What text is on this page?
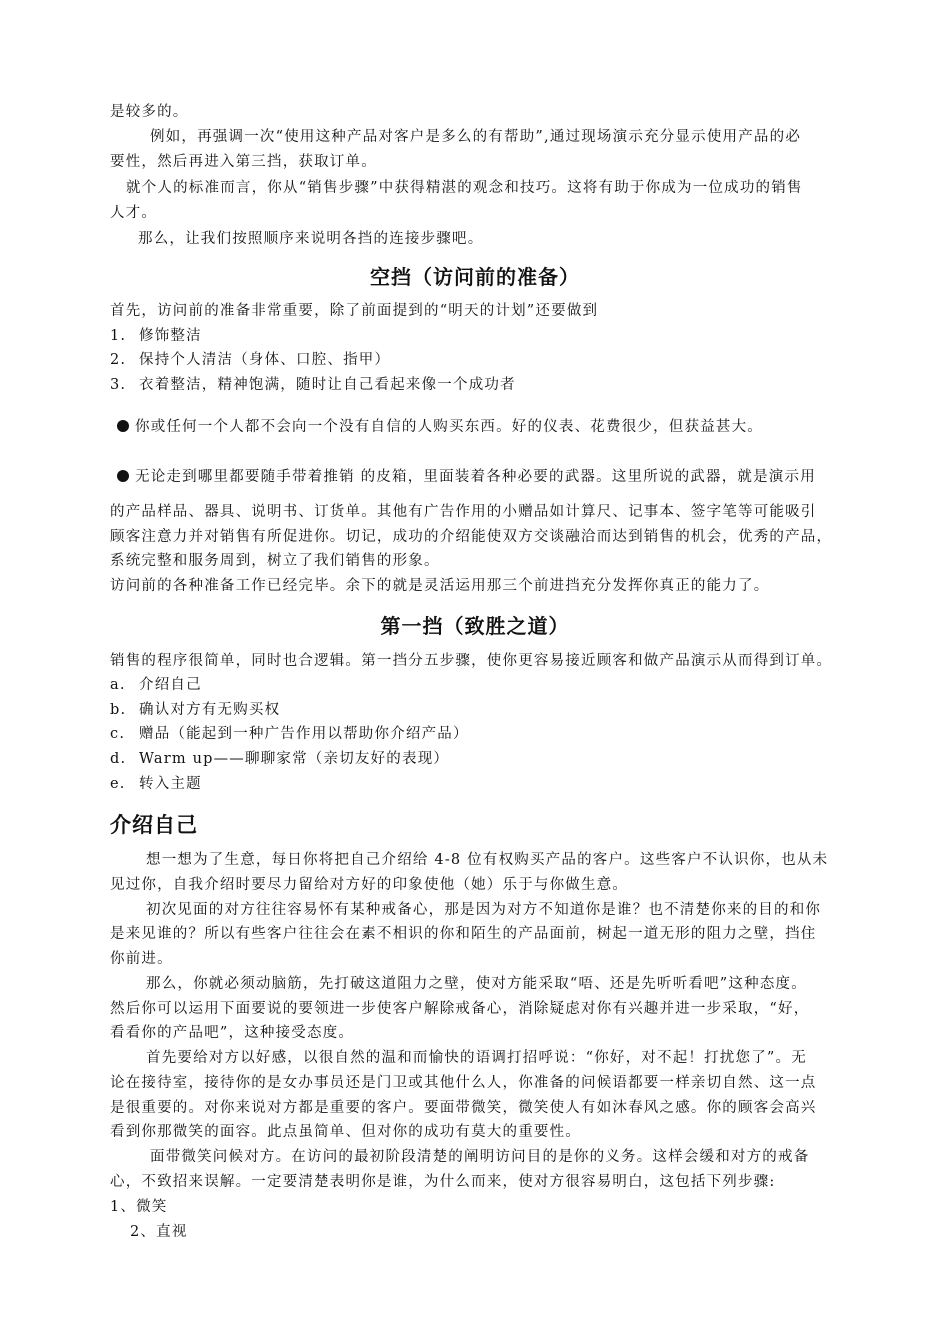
是较多的。
例如，再强调一次“使用这种产品对客户是多么的有帮助”,通过现场演示充分显示使用产品的必
要性，然后再进入第三挡，获取订单。
就个人的标准而言，你从“销售步骤”中获得精湛的观念和技巧。这将有助于你成为一位成功的销售
人才。
那么，让我们按照顺序来说明各挡的连接步骤吧。
空挡（访问前的准备）
首先，访问前的准备非常重要，除了前面提到的“明天的计划”还要做到
1. 修饰整洁
2. 保持个人清洁（身体、口腔、指甲）
3. 衣着整洁，精神饱满，随时让自己看起来像一个成功者
你或任何一个人都不会向一个没有自信的人购买东西。好的仪表、花费很少，但获益甚大。
无论走到哪里都要随手带着推销 的皮箱，里面装着各种必要的武器。这里所说的武器，就是演示用
的产品样品、器具、说明书、订货单。其他有广告作用的小赠品如计算尺、记事本、签字笔等可能吸引
顾客注意力并对销售有所促进你。切记，成功的介绍能使双方交谈融洽而达到销售的机会，优秀的产品，
系统完整和服务周到，树立了我们销售的形象。
访问前的各种准备工作已经完毕。余下的就是灵活运用那三个前进挡充分发挥你真正的能力了。
第一挡（致胜之道）
销售的程序很简单，同时也合逻辑。第一挡分五步骤，使你更容易接近顾客和做产品演示从而得到订单。
a. 介绍自己
b. 确认对方有无购买权
c. 赠品（能起到一种广告作用以帮助你介绍产品）
d. Warm up——聊聊家常（亲切友好的表现）
e. 转入主题
介绍自己
想一想为了生意，每日你将把自己介绍给 4-8 位有权购买产品的客户。这些客户不认识你，也从未
见过你，自我介绍时要尽力留给对方好的印象使他（她）乐于与你做生意。
初次见面的对方往往容易怀有某种戒备心，那是因为对方不知道你是谁？也不清楚你来的目的和你
是来见谁的？所以有些客户往往会在素不相识的你和陌生的产品面前，树起一道无形的阻力之壁，挡住
你前进。
那么，你就必须动脑筋，先打破这道阻力之壁，使对方能采取“唔、还是先听听看吧”这种态度。
然后你可以运用下面要说的要领进一步使客户解除戒备心，消除疑虑对你有兴趣并进一步采取，“好，
看看你的产品吧”，这种接受态度。
首先要给对方以好感，以很自然的温和而愉快的语调打招呼说：“你好，对不起！打扰您了”。无
论在接待室，接待你的是女办事员还是门卫或其他什么人，你准备的问候语都要一样亲切自然、这一点
是很重要的。对你来说对方都是重要的客户。要面带微笑，微笑使人有如沐春风之感。你的顾客会高兴
看到你那微笑的面容。此点虽简单、但对你的成功有莫大的重要性。
面带微笑问候对方。在访问的最初阶段清楚的阐明访问目的是你的义务。这样会缓和对方的戒备
心，不致招来误解。一定要清楚表明你是谁，为什么而来，使对方很容易明白，这包括下列步骤:
1、微笑
2、直视
